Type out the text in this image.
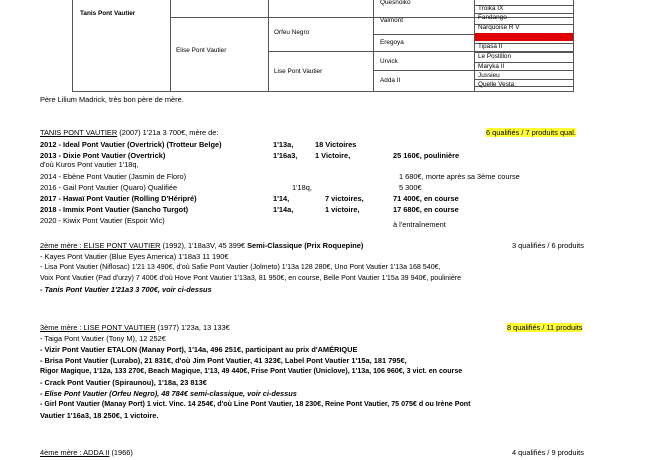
Tanis Pont Vautier
Elise Pont Vautier
Orfeu Negro
Lise Pont Vautier
Quesnoiko
Valmont
Eregoya
Urvick
Adda II
Troika IX
Fandango
Narquoise R V
Tipasa II
Le Postillon
Maryka II
Jussieu
Quelle Vesta
Père Lilium Madrick, très bon père de mère.
TANIS PONT VAUTIER (2007) 1'21a 3 700€, mère de:	6 qualifiés / 7 produits qual.
2012 - Ideal Pont Vautier (Overtrick) (Trotteur Belge)	1'13a,	18 Victoires
2013 - Dixie Pont Vautier (Overtrick)	1'16a3, 1 Victoire,	25 160€, poulinière
d'où Kuros Pont vautier 1'18q,
2014 - Ebène Pont Vautier (Jasmin de Floro)	1 680€, morte après sa 3ème course
2016 - Gail Pont Vautier (Quaro) Qualifiée	1'18q,	5 300€
2017 - Hawaï Pont Vautier (Rolling D'Héripré)	1'14,	7 victoires,	71 400€, en course
2018 - Immix Pont Vautier (Sancho Turgot)	1'14a,	1 victoire,	17 680€, en course
2020 - Kiwix Pont Vautier (Espoir Wic)	à l'entraînement
2ème mère : ELISE PONT VAUTIER (1992), 1'18a3V, 45 399€ Semi-Classique (Prix Roquepine)	3 qualifiés / 6 produits
- Kayes Pont Vautier (Blue Eyes America) 1'18a3 11 190€
- Lisa Pont Vautier (Niflosac) 1'21 13 490€, d'où Safie Pont Vautier (Jolmeto) 1'13a 128 280€, Uno Pont Vautier 1'13a 168 540€,
Voix Pont Vautier (Pad d'urzy) 7 400€ d'où Hove Pont Vautier 1'13a3, 81 950€, en course, Belle Pont Vautier 1'15a 39 940€, poulinière
- Tanis Pont Vautier 1'21a3 3 700€, voir ci-dessus
3ème mère : LISE PONT VAUTIER (1977) 1'23a, 13 133€	8 qualifiés / 11 produits
- Taiga Pont Vautier (Tony M), 12 252€
- Vizir Pont Vautier ETALON (Manay Port), 1'14a, 496 251€, participant au prix d'AMÉRIQUE
- Brisa Pont Vautier (Lurabo), 21 831€, d'où Jim Pont Vautier, 41 323€, Label Pont Vautier 1'15a, 181 795€,
Rigor Magique, 1'12a, 133 270€, Beach Magique, 1'13, 49 440€, Frise Pont Vautier (Uniclove), 1'13a, 106 960€, 3 vict. en course
- Crack Pont Vautier (Spiraunou), 1'18a, 23 813€
- Elise Pont Vautier (Orfeu Negro), 48 784€ semi-classique, voir ci-dessus
- Girl Pont Vautier (Manay Port) 1 vict. Vinc. 14 254€, d'où Line Pont Vautier, 18 230€, Reine Pont Vautier, 75 075€ d ou Irène Pont
Vautier 1'16a3, 18 250€, 1 victoire.
4ème mère : ADDA II (1966)	4 qualifiés / 9 produits
